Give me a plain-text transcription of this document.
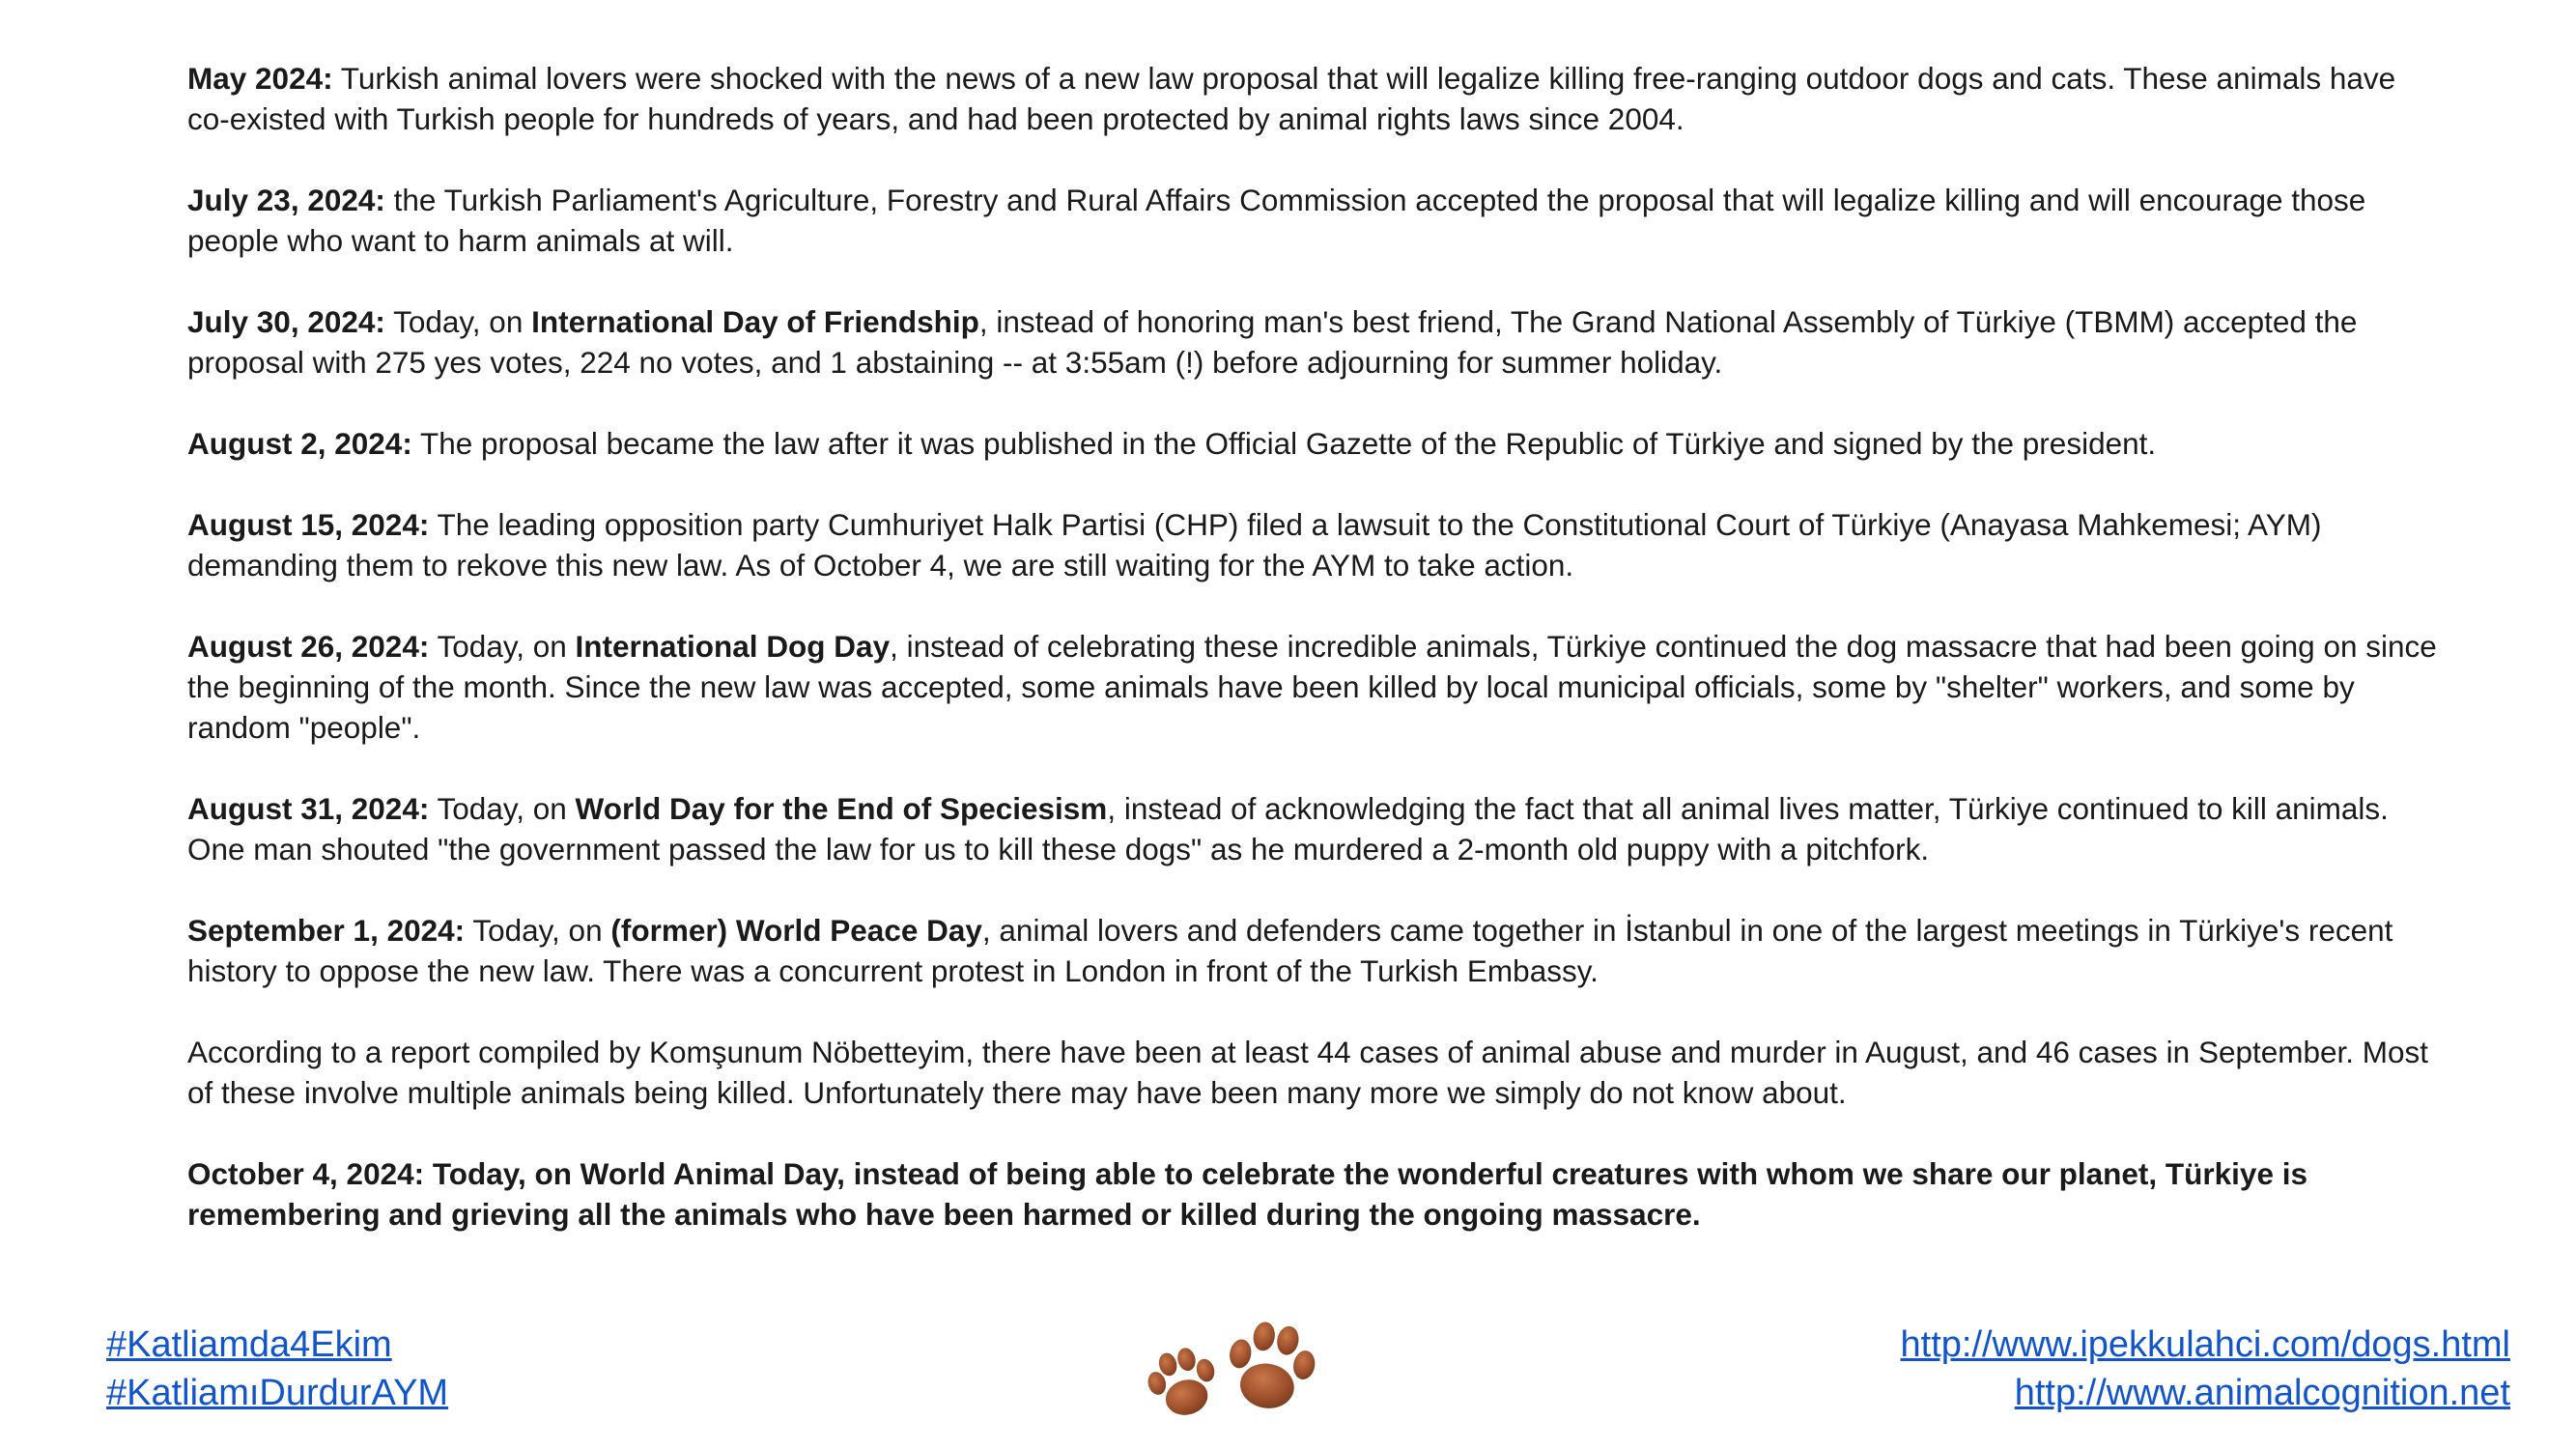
May 2024: Turkish animal lovers were shocked with the news of a new law proposal that will legalize killing free-ranging outdoor dogs and cats. These animals have co-existed with Turkish people for hundreds of years, and had been protected by animal rights laws since 2004.

July 23, 2024: the Turkish Parliament's Agriculture, Forestry and Rural Affairs Commission accepted the proposal that will legalize killing and will encourage those people who want to harm animals at will.

July 30, 2024: Today, on International Day of Friendship, instead of honoring man's best friend, The Grand National Assembly of Türkiye (TBMM) accepted the proposal with 275 yes votes, 224 no votes, and 1 abstaining -- at 3:55am (!) before adjourning for summer holiday.

August 2, 2024: The proposal became the law after it was published in the Official Gazette of the Republic of Türkiye and signed by the president.

August 15, 2024: The leading opposition party Cumhuriyet Halk Partisi (CHP) filed a lawsuit to the Constitutional Court of Türkiye (Anayasa Mahkemesi; AYM) demanding them to rekove this new law. As of October 4, we are still waiting for the AYM to take action.

August 26, 2024: Today, on International Dog Day, instead of celebrating these incredible animals, Türkiye continued the dog massacre that had been going on since the beginning of the month. Since the new law was accepted, some animals have been killed by local municipal officials, some by "shelter" workers, and some by random "people".

August 31, 2024: Today, on World Day for the End of Speciesism, instead of acknowledging the fact that all animal lives matter, Türkiye continued to kill animals. One man shouted "the government passed the law for us to kill these dogs" as he murdered a 2-month old puppy with a pitchfork.

September 1, 2024: Today, on (former) World Peace Day, animal lovers and defenders came together in İstanbul in one of the largest meetings in Türkiye's recent history to oppose the new law. There was a concurrent protest in London in front of the Turkish Embassy.

According to a report compiled by Komşunum Nöbetteyim, there have been at least 44 cases of animal abuse and murder in August, and 46 cases in September. Most of these involve multiple animals being killed. Unfortunately there may have been many more we simply do not know about.

October 4, 2024: Today, on World Animal Day, instead of being able to celebrate the wonderful creatures with whom we share our planet, Türkiye is remembering and grieving all the animals who have been harmed or killed during the ongoing massacre.

#Katliamda4Ekim
#KatliamıDurdurAYM
http://www.ipekkulahci.com/dogs.html
http://www.animalcognition.net
